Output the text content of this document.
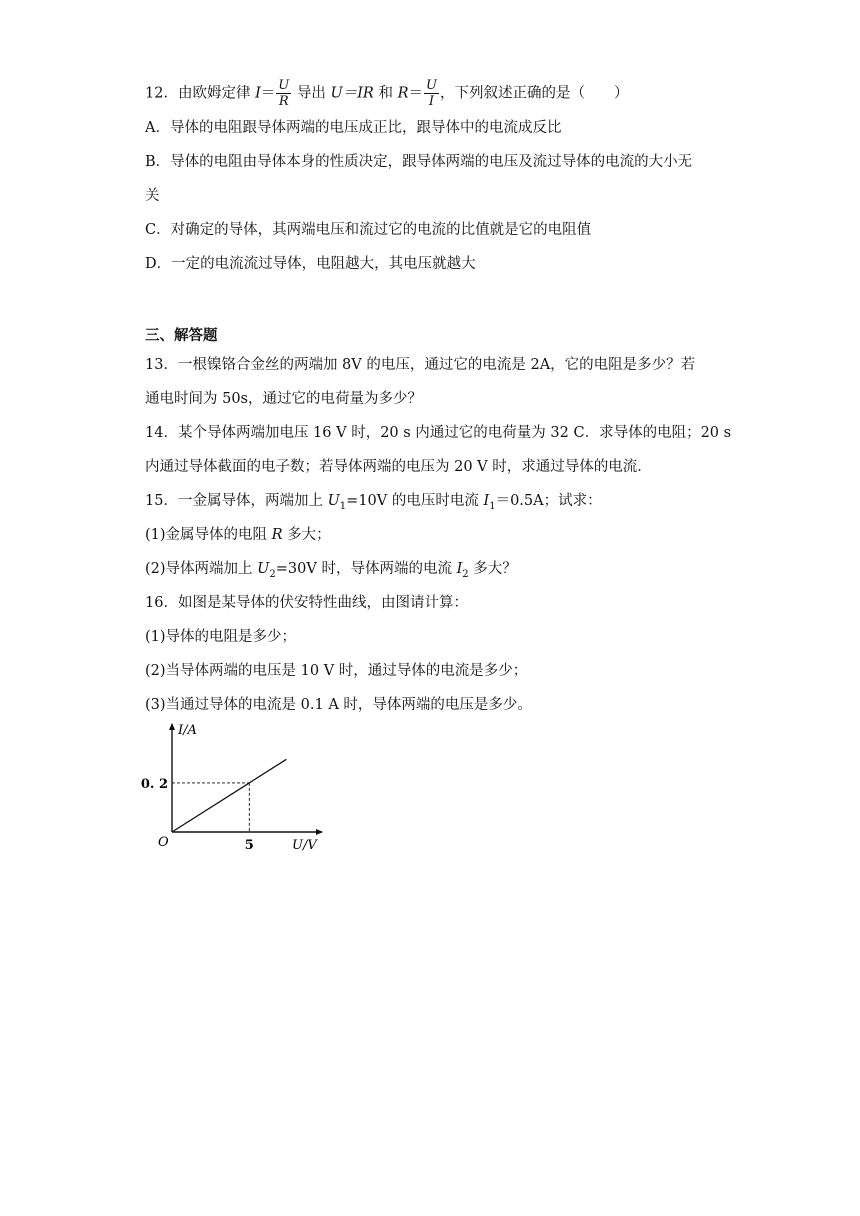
12．由欧姆定律 $I= \frac{U}{R}$ 导出 U＝IR 和 $R= \frac{U}{I}$ ，下列叙述正确的是（　　）
A．导体的电阻跟导体两端的电压成正比，跟导体中的电流成反比
B．导体的电阻由导体本身的性质决定，跟导体两端的电压及流过导体的电流的大小无
关
C．对确定的导体，其两端电压和流过它的电流的比值就是它的电阻值
D．一定的电流流过导体，电阻越大，其电压就越大
三、解答题
13．一根镍铬合金丝的两端加 8V 的电压，通过它的电流是 2A，它的电阻是多少？若
通电时间为 50s，通过它的电荷量为多少？
14．某个导体两端加电压 16 V 时，20 s 内通过它的电荷量为 32 C．求导体的电阻；20 s
内通过导体截面的电子数；若导体两端的电压为 20 V 时，求通过导体的电流．
15．一金属导体，两端加上 $U_1=10V$ 的电压时电流 $I_1=0.5A$；试求：
(1)金属导体的电阻 R 多大；
(2)导体两端加上 $U_2=30V$ 时，导体两端的电流 $I_2$ 多大？
16．如图是某导体的伏安特性曲线，由图请计算：
(1)导体的电阻是多少；
(2)当导体两端的电压是 10 V 时，通过导体的电流是多少；
(3)当通过导体的电流是 0.1 A 时，导体两端的电压是多少。
I/A
U/V
O	5
0. 2
